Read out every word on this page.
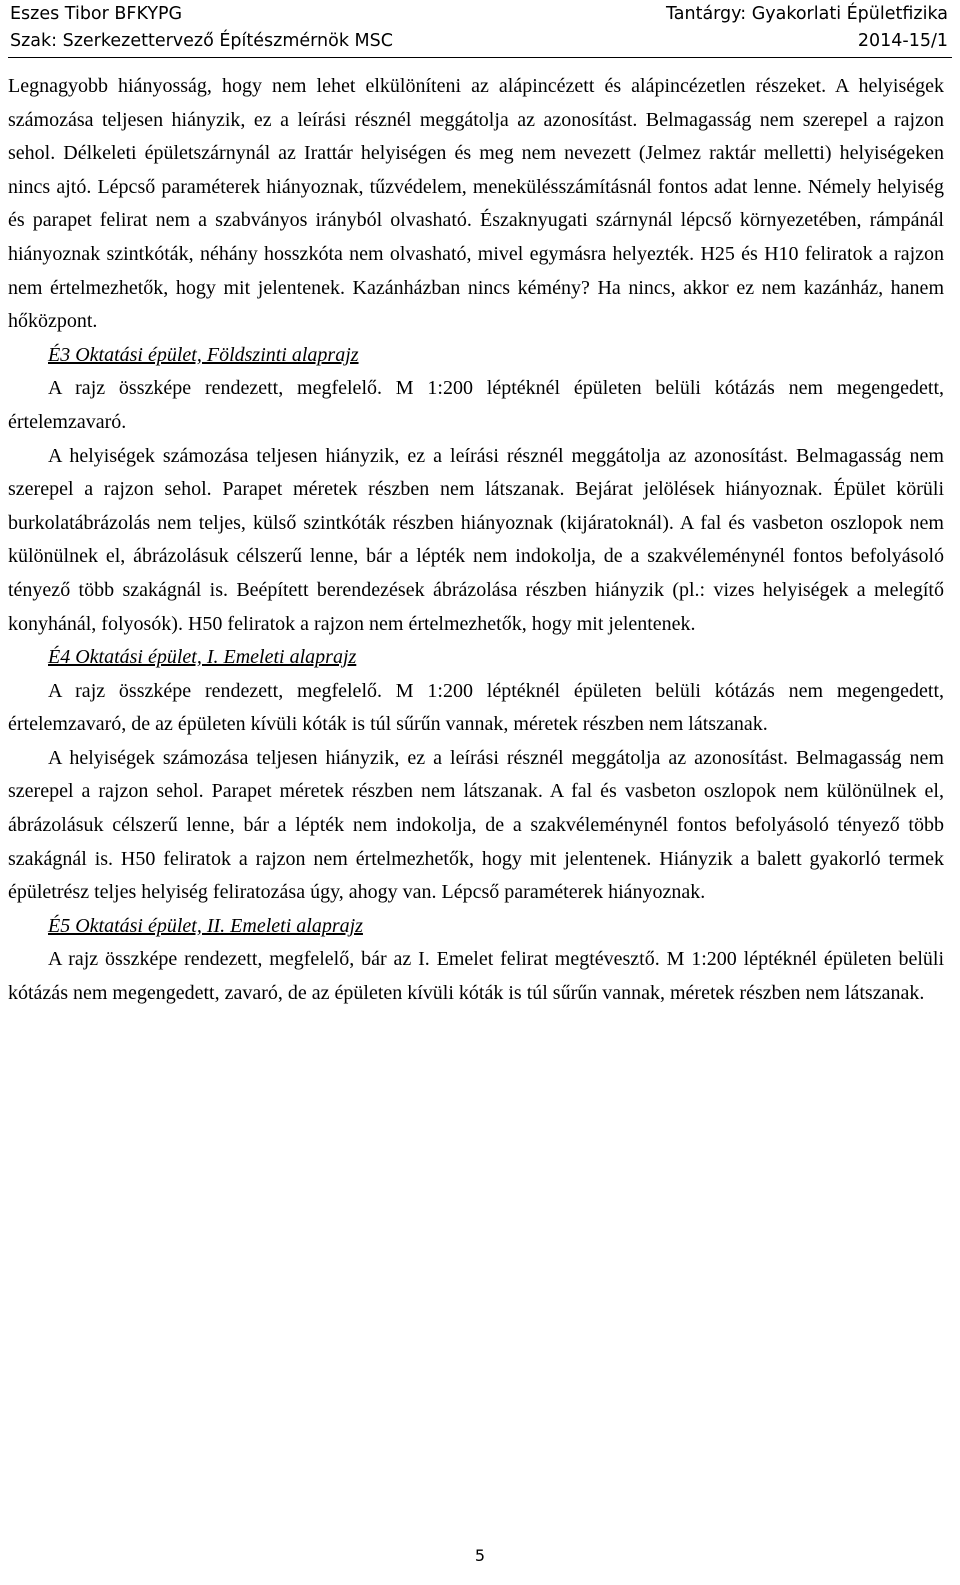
Eszes Tibor BFKYPG	Tantárgy: Gyakorlati Épületfizika
Szak: Szerkezettervező Építészmérnök MSC	2014-15/1

Legnagyobb hiányosság, hogy nem lehet elkülöníteni az alápincézett és alápincézetlen részeket. A helyiségek számozása teljesen hiányzik, ez a leírási résznél meggátolja az azonosítást. Belmagasság nem szerepel a rajzon sehol. Délkeleti épületszárnynál az Irattár helyiségen és meg nem nevezett (Jelmez raktár melletti) helyiségeken nincs ajtó. Lépcső paraméterek hiányoznak, tűzvédelem, menekülésszámításnál fontos adat lenne. Némely helyiség és parapet felirat nem a szabványos irányból olvasható. Északnyugati szárnynál lépcső környezetében, rámpánál hiányoznak szintkóták, néhány hosszkóta nem olvasható, mivel egymásra helyezték. H25 és H10 feliratok a rajzon nem értelmezhetők, hogy mit jelentenek. Kazánházban nincs kémény? Ha nincs, akkor ez nem kazánház, hanem hőközpont.

É3 Oktatási épület, Földszinti alaprajz

A rajz összképe rendezett, megfelelő. M 1:200 léptéknél épületen belüli kótázás nem megengedett, értelemzavaró.

A helyiségek számozása teljesen hiányzik, ez a leírási résznél meggátolja az azonosítást. Belmagasság nem szerepel a rajzon sehol. Parapet méretek részben nem látszanak. Bejárat jelölések hiányoznak. Épület körüli burkolatábrázolás nem teljes, külső szintkóták részben hiányoznak (kijáratoknál). A fal és vasbeton oszlopok nem különülnek el, ábrázolásuk célszerű lenne, bár a lépték nem indokolja, de a szakvéleménynél fontos befolyásoló tényező több szakágnál is. Beépített berendezések ábrázolása részben hiányzik (pl.: vizes helyiségek a melegítő konyhánál, folyosók). H50 feliratok a rajzon nem értelmezhetők, hogy mit jelentenek.

É4 Oktatási épület, I. Emeleti alaprajz

A rajz összképe rendezett, megfelelő. M 1:200 léptéknél épületen belüli kótázás nem megengedett, értelemzavaró, de az épületen kívüli kóták is túl sűrűn vannak, méretek részben nem látszanak.

A helyiségek számozása teljesen hiányzik, ez a leírási résznél meggátolja az azonosítást. Belmagasság nem szerepel a rajzon sehol. Parapet méretek részben nem látszanak. A fal és vasbeton oszlopok nem különülnek el, ábrázolásuk célszerű lenne, bár a lépték nem indokolja, de a szakvéleménynél fontos befolyásoló tényező több szakágnál is. H50 feliratok a rajzon nem értelmezhetők, hogy mit jelentenek. Hiányzik a balett gyakorló termek épületrész teljes helyiség feliratozása úgy, ahogy van. Lépcső paraméterek hiányoznak.

É5 Oktatási épület, II. Emeleti alaprajz

A rajz összképe rendezett, megfelelő, bár az I. Emelet felirat megtévesztő. M 1:200 léptéknél épületen belüli kótázás nem megengedett, zavaró, de az épületen kívüli kóták is túl sűrűn vannak, méretek részben nem látszanak.

5
